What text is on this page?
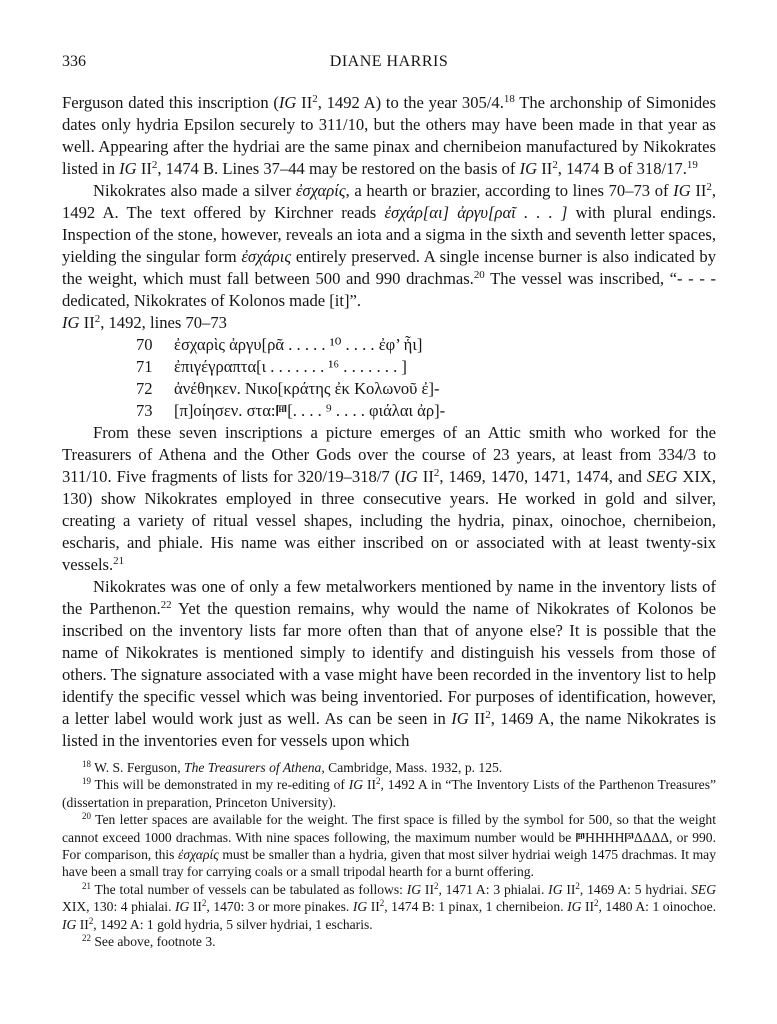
336	DIANE HARRIS

Ferguson dated this inscription (IG $II^2$, 1492 A) to the year 305/4.18 The archonship of Simonides dates only hydria Epsilon securely to 311/10, but the others may have been made in that year as well. Appearing after the hydriai are the same pinax and chernibeion manufactured by Nikokrates listed in IG $II^2$, 1474 B. Lines 37–44 may be restored on the basis of IG $II^2$, 1474 B of 318/17.19

Nikokrates also made a silver ἐσχαρίς, a hearth or brazier, according to lines 70–73 of IG $II^2$, 1492 A. The text offered by Kirchner reads ἐσχάρ[αι] ἀργυ[ραῖ . . . ] with plural endings. Inspection of the stone, however, reveals an iota and a sigma in the sixth and seventh letter spaces, yielding the singular form ἐσχάρις entirely preserved. A single incense burner is also indicated by the weight, which must fall between 500 and 990 drachmas.$^{20}$ The vessel was inscribed, “- - - - dedicated, Nikokrates of Kolonos made [it]”.

IG $II^2$, 1492, lines 70–73

70 ἐσχαρὶς ἀργυ[ρᾶ . . . . . ¹⁰ . . . . ἐφ’ ἧι]
71 ἐπιγέγραπτα[ι . . . . . . . ¹⁶ . . . . . . . ]
72 ἀνέθηκεν. Νικο[κράτης ἐκ Κολωνοῦ ἐ]-
73 [π]οίησεν. στα:𐅅[. . . . ⁹ . . . . φιάλαι ἀρ]-

From these seven inscriptions a picture emerges of an Attic smith who worked for the Treasurers of Athena and the Other Gods over the course of 23 years, at least from 334/3 to 311/10. Five fragments of lists for 320/19–318/7 (IG $II^2$, 1469, 1470, 1471, 1474, and SEG XIX, 130) show Nikokrates employed in three consecutive years. He worked in gold and silver, creating a variety of ritual vessel shapes, including the hydria, pinax, oinochoe, chernibeion, escharis, and phiale. His name was either inscribed on or associated with at least twenty-six vessels.$^{21}$

Nikokrates was one of only a few metalworkers mentioned by name in the inventory lists of the Parthenon.$^{22}$ Yet the question remains, why would the name of Nikokrates of Kolonos be inscribed on the inventory lists far more often than that of anyone else? It is possible that the name of Nikokrates is mentioned simply to identify and distinguish his vessels from those of others. The signature associated with a vase might have been recorded in the inventory list to help identify the specific vessel which was being inventoried. For purposes of identification, however, a letter label would work just as well. As can be seen in IG $II^2$, 1469 A, the name Nikokrates is listed in the inventories even for vessels upon which

$^{18}$ W. S. Ferguson, The Treasurers of Athena, Cambridge, Mass. 1932, p. 125.

$^{19}$ This will be demonstrated in my re-editing of IG $II^2$, 1492 A in “The Inventory Lists of the Parthenon Treasures” (dissertation in preparation, Princeton University).

$^{20}$ Ten letter spaces are available for the weight. The first space is filled by the symbol for 500, so that the weight cannot exceed 1000 drachmas. With nine spaces following, the maximum number would be 𐅅HHHH𐅄ΔΔΔΔ, or 990. For comparison, this ἐσχαρίς must be smaller than a hydria, given that most silver hydriai weigh 1475 drachmas. It may have been a small tray for carrying coals or a small tripodal hearth for a burnt offering.

$^{21}$ The total number of vessels can be tabulated as follows: IG $II^2$, 1471 A: 3 phialai. IG $II^2$, 1469 A: 5 hydriai. SEG XIX, 130: 4 phialai. IG $II^2$, 1470: 3 or more pinakes. IG $II^2$, 1474 B: 1 pinax, 1 chernibeion. IG $II^2$, 1480 A: 1 oinochoe. IG $II^2$, 1492 A: 1 gold hydria, 5 silver hydriai, 1 escharis.

$^{22}$ See above, footnote 3.
